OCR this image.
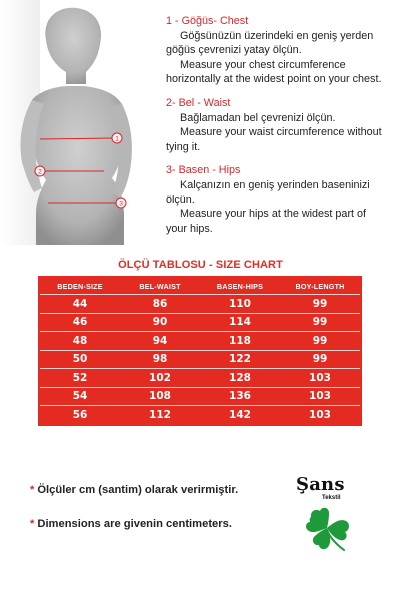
1
2
3
1 - Göğüs- Chest
Göğsünüzün üzerindeki en geniş yerden
göğüs çevrenizi yatay ölçün.
Measure your chest circumference
horizontally at the widest point on your chest.
2- Bel - Waist
Bağlamadan bel çevrenizi ölçün.
Measure your waist circumference without
tying it.
3- Basen - Hips
Kalçanızın en geniş yerinden baseninizi
ölçün.
Measure your hips at the widest part of
your hips.
ÖLÇÜ TABLOSU - SIZE CHART
BEDEN-SIZE	BEL-WAIST	BASEN-HIPS	BOY-LENGTH
44	86	110	99
46	90	114	99
48	94	118	99
50	98	122	99
52	102	128	103
54	108	136	103
56	112	142	103
* Ölçüler cm (santim) olarak verirmiştir.
* Dimensions are givenin centimeters.
Şans
Tekstil
